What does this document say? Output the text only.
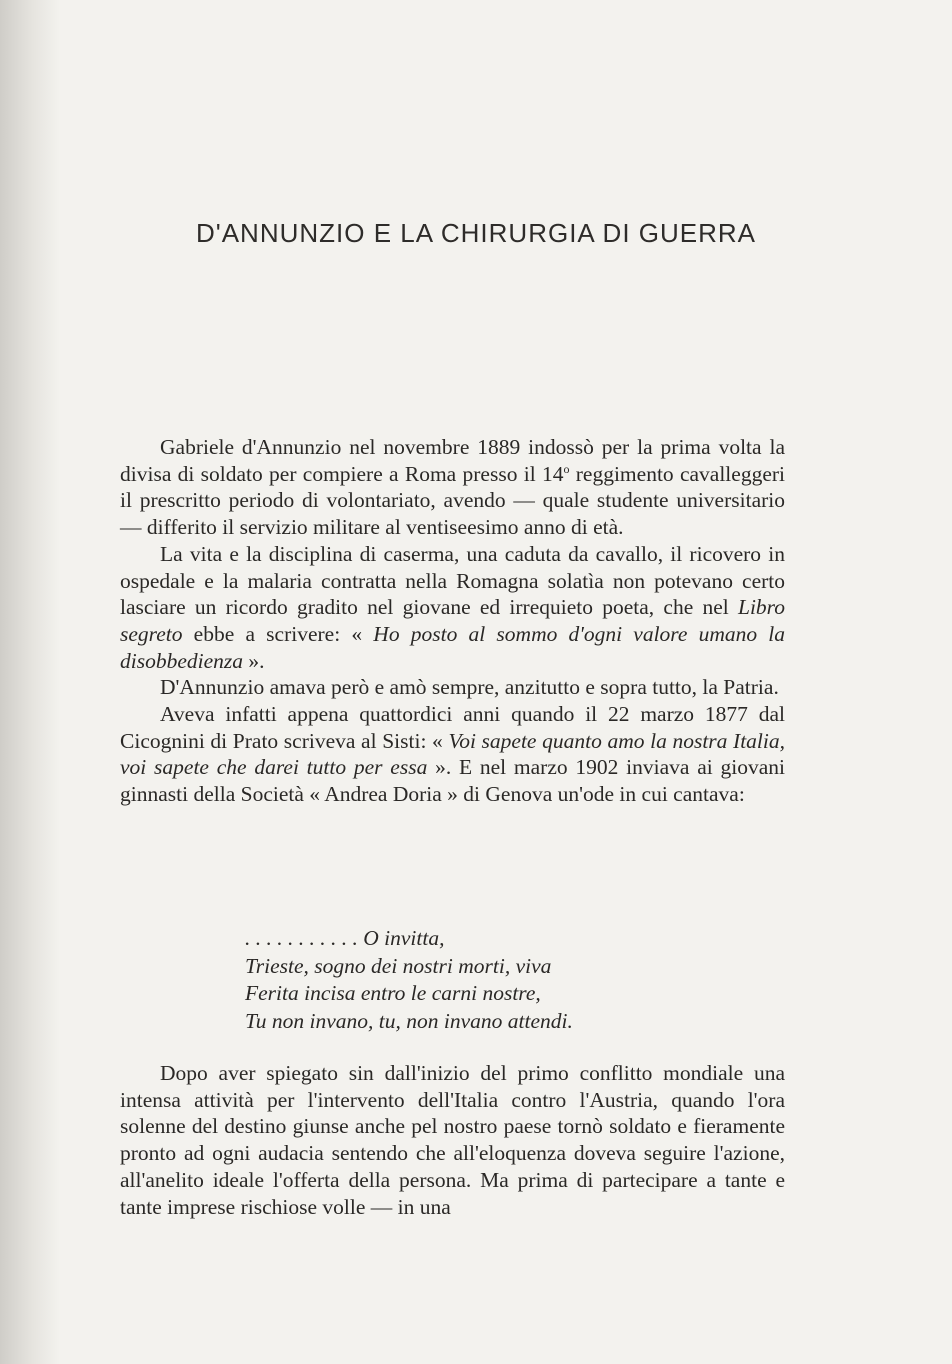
D'ANNUNZIO E LA CHIRURGIA DI GUERRA

Gabriele d'Annunzio nel novembre 1889 indossò per la prima volta la divisa di soldato per compiere a Roma presso il 14$^o$ reggimento cavalleggeri il prescritto periodo di volontariato, avendo — quale studente universitario — differito il servizio militare al ventiseesimo anno di età.

La vita e la disciplina di caserma, una caduta da cavallo, il ricovero in ospedale e la malaria contratta nella Romagna solatìa non potevano certo lasciare un ricordo gradito nel giovane ed irrequieto poeta, che nel Libro segreto ebbe a scrivere: « Ho posto al sommo d'ogni valore umano la disobbedienza ».

D'Annunzio amava però e amò sempre, anzitutto e sopra tutto, la Patria.

Aveva infatti appena quattordici anni quando il 22 marzo 1877 dal Cicognini di Prato scriveva al Sisti: « Voi sapete quanto amo la nostra Italia, voi sapete che darei tutto per essa ». E nel marzo 1902 inviava ai giovani ginnasti della Società « Andrea Doria » di Genova un'ode in cui cantava:

. . . . . . . . . . . O invitta,
Trieste, sogno dei nostri morti, viva
Ferita incisa entro le carni nostre,
Tu non invano, tu, non invano attendi.

Dopo aver spiegato sin dall'inizio del primo conflitto mondiale una intensa attività per l'intervento dell'Italia contro l'Austria, quando l'ora solenne del destino giunse anche pel nostro paese tornò soldato e fieramente pronto ad ogni audacia sentendo che all'eloquenza doveva seguire l'azione, all'anelito ideale l'offerta della persona. Ma prima di partecipare a tante e tante imprese rischiose volle — in una
